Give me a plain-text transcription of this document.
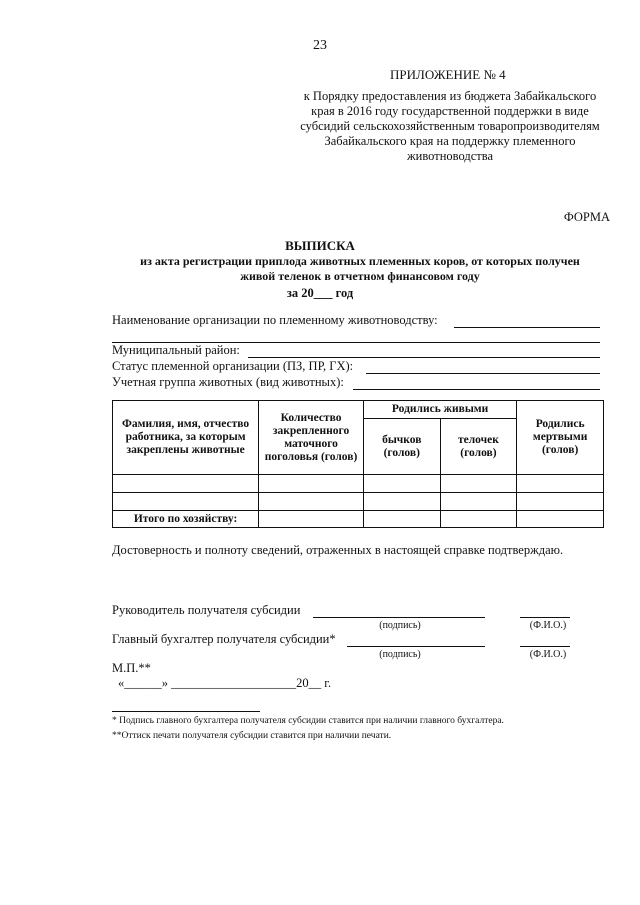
23
ПРИЛОЖЕНИЕ № 4
к Порядку предоставления из бюджета Забайкальского
края в 2016 году государственной поддержки в виде
субсидий сельскохозяйственным товаропроизводителям
Забайкальского края на поддержку племенного
животноводства
ФОРМА
ВЫПИСКА
из акта регистрации приплода животных племенных коров, от которых получен
живой теленок в отчетном финансовом году
за 20___ год
Наименование организации по племенному животноводству:
Муниципальный район:
Статус племенной организации (ПЗ, ПР, ГХ):
Учетная группа животных (вид животных):
Фамилия, имя, отчество работника, за которым закреплены животные	Количество закрепленного маточного поголовья (голов)	Родились живыми		Родились мертвыми (голов)
		бычков (голов)	телочек (голов)	

Итого по хозяйству:				
Достоверность и полноту сведений, отраженных в настоящей справке подтверждаю.
Руководитель получателя субсидии
(подпись)	(Ф.И.О.)
Главный бухгалтер получателя субсидии*
(подпись)	(Ф.И.О.)
М.П.**
«______» ____________________20__ г.
* Подпись главного бухгалтера получателя субсидии ставится при наличии главного бухгалтера.
**Оттиск печати получателя субсидии ставится при наличии печати.
